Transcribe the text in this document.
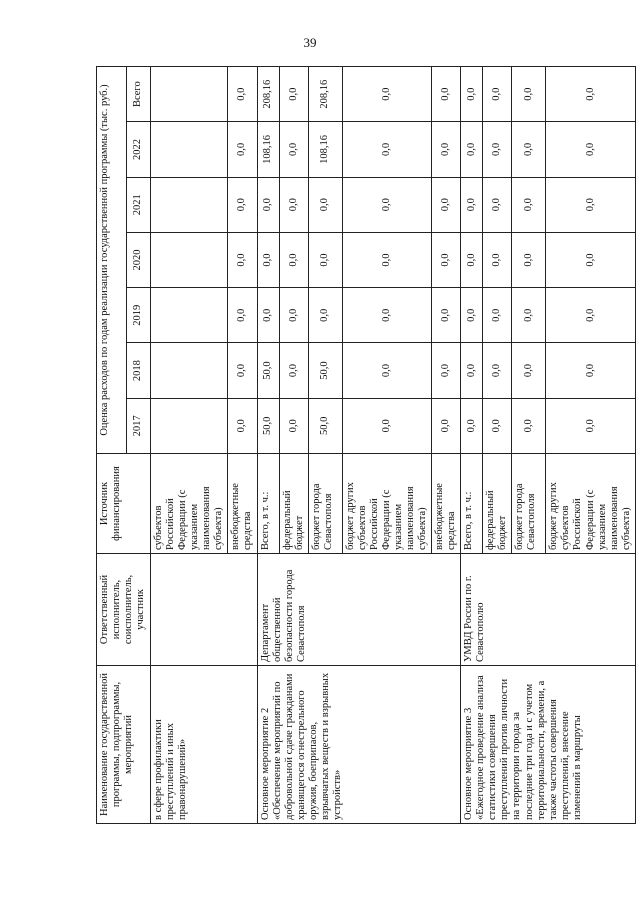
39
Наименование государственной программы, подпрограммы, мероприятий	Ответственный исполнитель, соисполнитель, участник	Источник финансирования	Оценка расходов по годам реализации государственной программы (тыс. руб.)						
			2017	2018	2019	2020	2021	2022	Всего
в сфере профилактики преступлений и иных правонарушений»		субъектов Российской Федерации (с указанием наименования субъекта)							
		внебюджетные средства	0,0	0,0	0,0	0,0	0,0	0,0	0,0
Основное мероприятие 2 «Обеспечение мероприятий по добровольной сдаче гражданами хранящегося огнестрельного оружия, боеприпасов, взрывчатых веществ и взрывных устройств»	Департамент общественной безопасности города Севастополя	Всего, в т. ч.:	50,0	50,0	0,0	0,0	0,0	108,16	208,16
		федеральный бюджет	0,0	0,0	0,0	0,0	0,0	0,0	0,0
		бюджет города Севастополя	50,0	50,0	0,0	0,0	0,0	108,16	208,16
		бюджет других субъектов Российской Федерации (с указанием наименования субъекта)	0,0	0,0	0,0	0,0	0,0	0,0	0,0
		внебюджетные средства	0,0	0,0	0,0	0,0	0,0	0,0	0,0
Основное мероприятие 3 «Ежегодное проведение анализа статистики совершения преступлений против личности на территории города за последние три года и с учетом территориальности, времени, а также частоты совершения преступлений, внесение изменений в маршруты	УМВД России по г. Севастополю	Всего, в т. ч.:	0,0	0,0	0,0	0,0	0,0	0,0	0,0
		федеральный бюджет	0,0	0,0	0,0	0,0	0,0	0,0	0,0
		бюджет города Севастополя	0,0	0,0	0,0	0,0	0,0	0,0	0,0
		бюджет других субъектов Российской Федерации (с указанием наименования субъекта)	0,0	0,0	0,0	0,0	0,0	0,0	0,0
